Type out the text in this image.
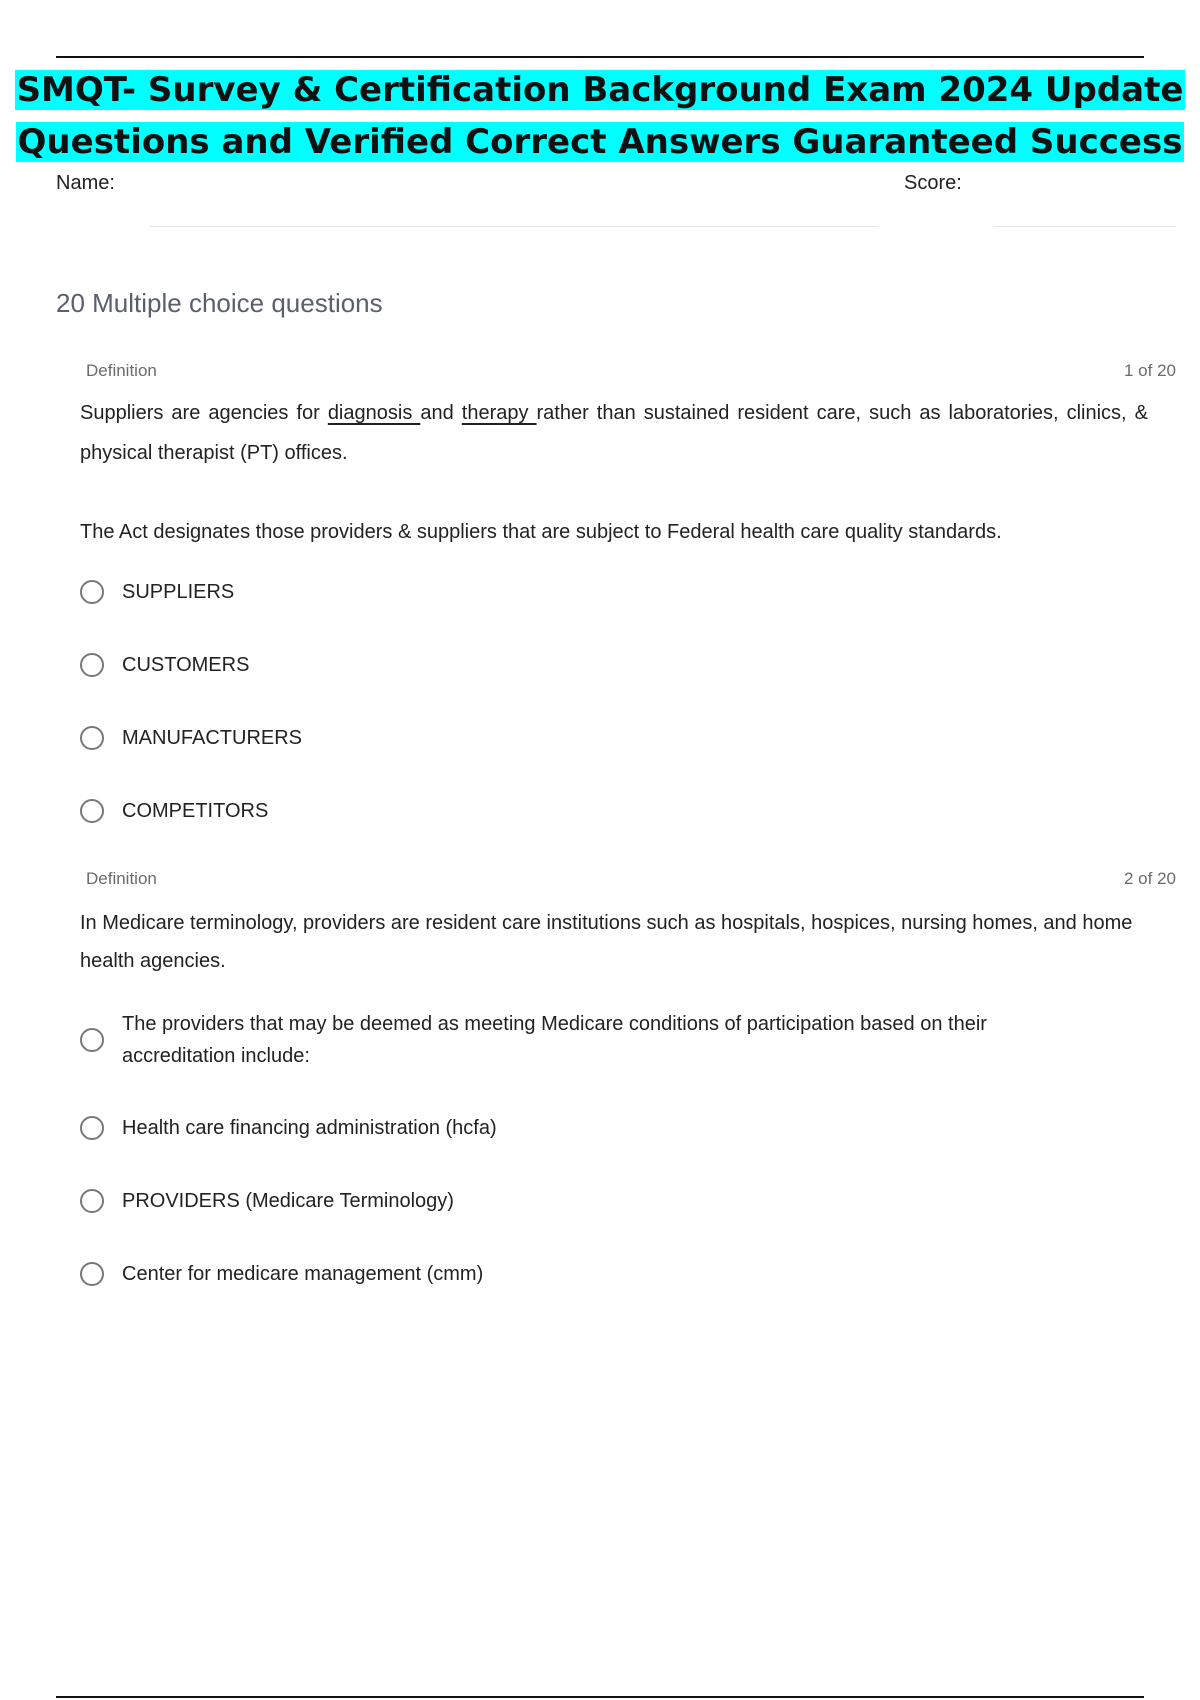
SMQT- Survey & Certification Background Exam 2024 Update
Questions and Verified Correct Answers Guaranteed Success
Name:	Score:
20 Multiple choice questions
Definition	1 of 20
Suppliers are agencies for diagnosis and therapy rather than sustained resident care, such as laboratories, clinics, & physical therapist (PT) offices.
The Act designates those providers & suppliers that are subject to Federal health care quality standards.
SUPPLIERS
CUSTOMERS
MANUFACTURERS
COMPETITORS
Definition	2 of 20
In Medicare terminology, providers are resident care institutions such as hospitals, hospices, nursing homes, and home health agencies.
The providers that may be deemed as meeting Medicare conditions of participation based on their accreditation include:
Health care financing administration (hcfa)
PROVIDERS (Medicare Terminology)
Center for medicare management (cmm)
